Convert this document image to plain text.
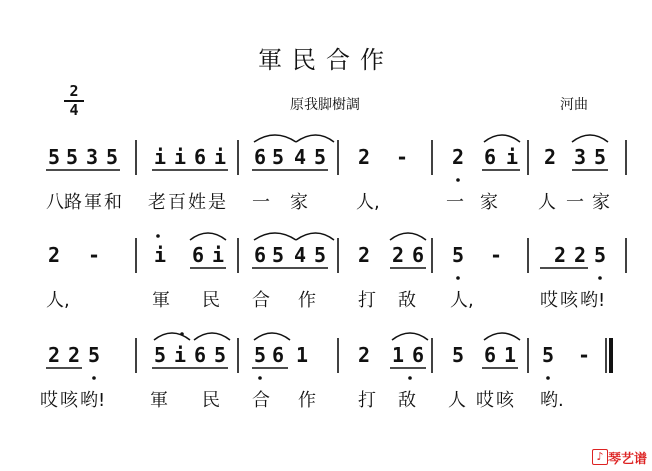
軍民合作
原我脚樹調	河曲
2
4
5 5 3 5 i i 6 i 6 5 4 5 2 - 2 6 i 2 3 5
八 路 軍 和 老 百 姓 是 一 家	人,	一 家 人 一 家
2 -	i 6 i 6 5 4 5 2 2 6 5 -	2 2 5
人,	軍 民 合 作 打 敌 人,	哎 咳 哟!
2 2 5	5 i 6 5 5 6 1 2 1 6 5 6 1 5 -
哎 咳 哟! 軍 民 合 作 打 敌 人 哎 咳 哟.
♪ 琴艺谱
